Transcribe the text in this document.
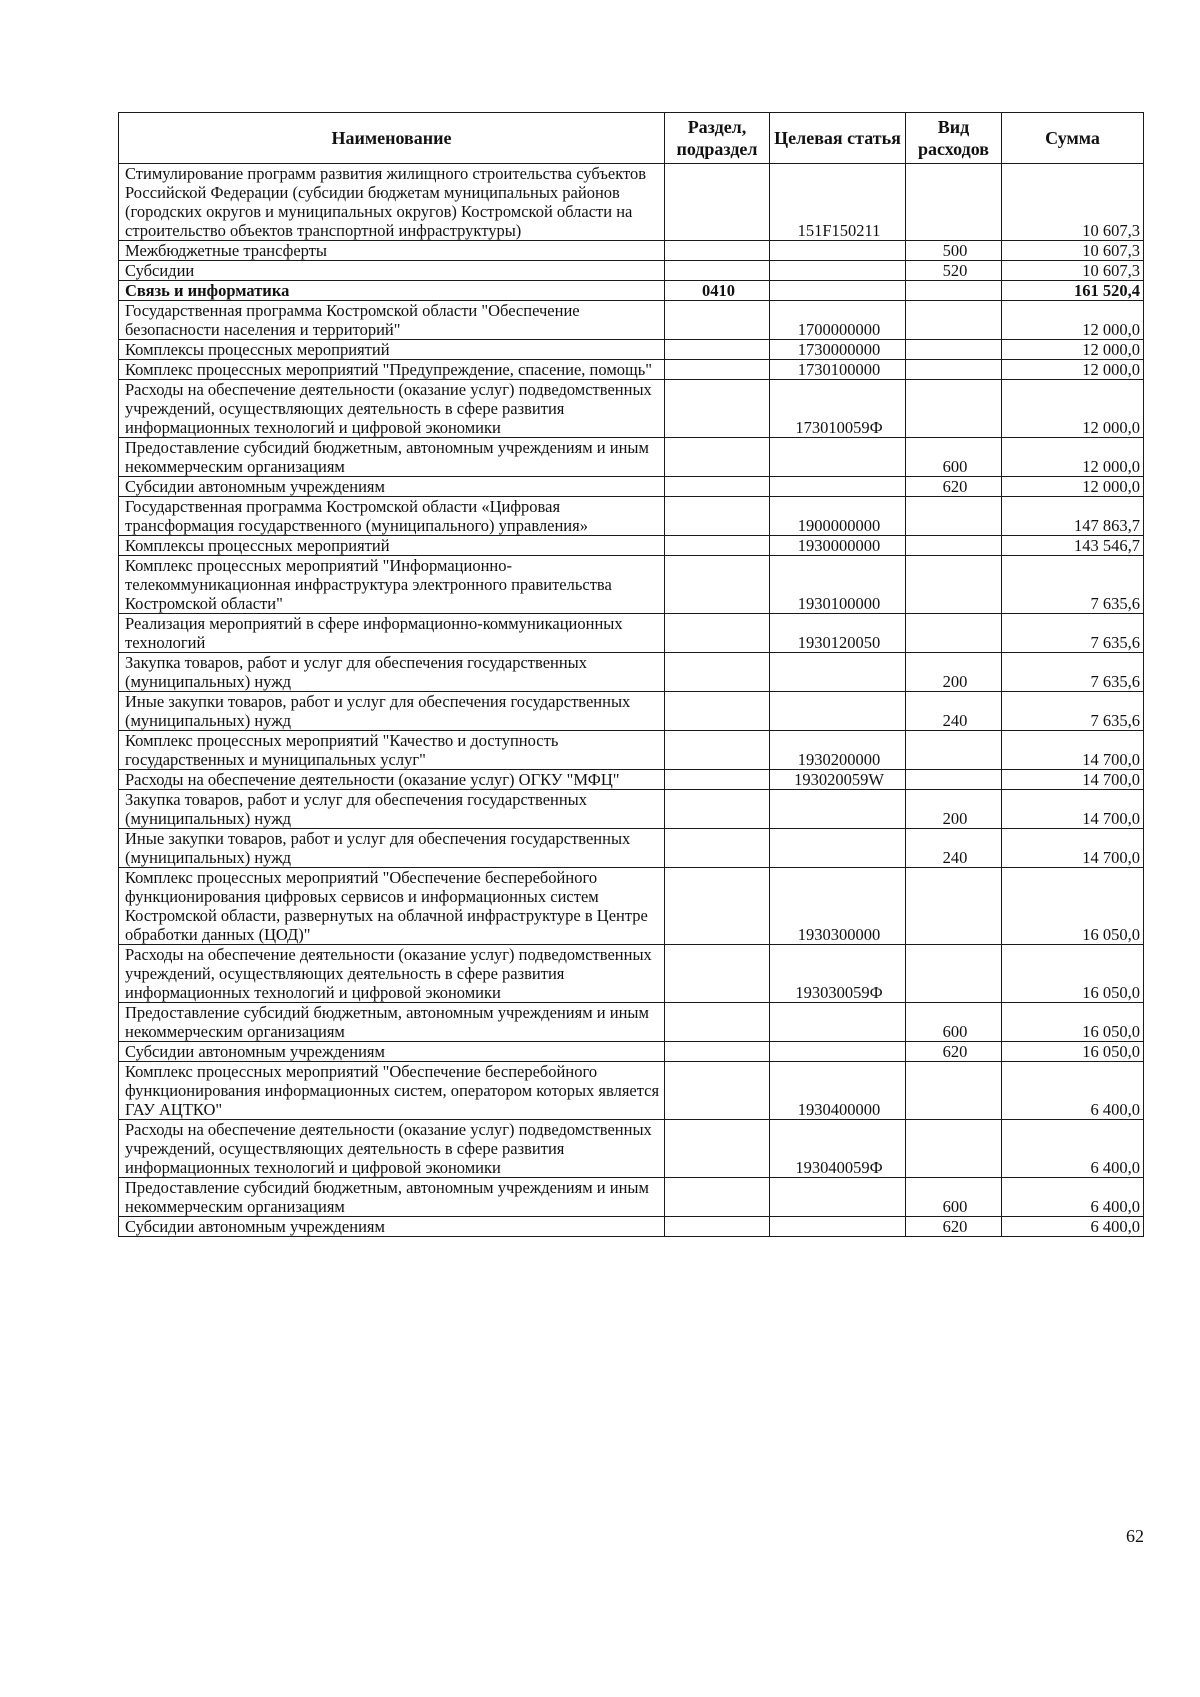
Наименование	Раздел, подраздел	Целевая статья	Вид расходов	Сумма
Стимулирование программ развития жилищного строительства субъектов Российской Федерации (субсидии бюджетам муниципальных районов (городских округов и муниципальных округов) Костромской области на строительство объектов транспортной инфраструктуры)		151F150211		10 607,3
Межбюджетные трансферты			500	10 607,3
Субсидии			520	10 607,3
Связь и информатика	0410			161 520,4
Государственная программа Костромской области "Обеспечение безопасности населения и территорий"		1700000000		12 000,0
Комплексы процессных мероприятий		1730000000		12 000,0
Комплекс процессных мероприятий "Предупреждение, спасение, помощь"		1730100000		12 000,0
Расходы на обеспечение деятельности (оказание услуг) подведомственных учреждений, осуществляющих деятельность в сфере развития информационных технологий и цифровой экономики		173010059Ф		12 000,0
Предоставление субсидий бюджетным, автономным учреждениям и иным некоммерческим организациям			600	12 000,0
Субсидии автономным учреждениям			620	12 000,0
Государственная программа Костромской области «Цифровая трансформация государственного (муниципального) управления»		1900000000		147 863,7
Комплексы процессных мероприятий		1930000000		143 546,7
Комплекс процессных мероприятий "Информационно-телекоммуникационная инфраструктура электронного правительства Костромской области"		1930100000		7 635,6
Реализация мероприятий в сфере информационно-коммуникационных технологий		1930120050		7 635,6
Закупка товаров, работ и услуг для обеспечения государственных (муниципальных) нужд			200	7 635,6
Иные закупки товаров, работ и услуг для обеспечения государственных (муниципальных) нужд			240	7 635,6
Комплекс процессных мероприятий "Качество и доступность государственных и муниципальных услуг"		1930200000		14 700,0
Расходы на обеспечение деятельности (оказание услуг) ОГКУ "МФЦ"		193020059W		14 700,0
Закупка товаров, работ и услуг для обеспечения государственных (муниципальных) нужд			200	14 700,0
Иные закупки товаров, работ и услуг для обеспечения государственных (муниципальных) нужд			240	14 700,0
Комплекс процессных мероприятий "Обеспечение бесперебойного функционирования цифровых сервисов и информационных систем Костромской области, развернутых на облачной инфраструктуре в Центре обработки данных (ЦОД)"		1930300000		16 050,0
Расходы на обеспечение деятельности (оказание услуг) подведомственных учреждений, осуществляющих деятельность в сфере развития информационных технологий и цифровой экономики		193030059Ф		16 050,0
Предоставление субсидий бюджетным, автономным учреждениям и иным некоммерческим организациям			600	16 050,0
Субсидии автономным учреждениям			620	16 050,0
Комплекс процессных мероприятий "Обеспечение бесперебойного функционирования информационных систем, оператором которых является ГАУ АЦТКО"		1930400000		6 400,0
Расходы на обеспечение деятельности (оказание услуг) подведомственных учреждений, осуществляющих деятельность в сфере развития информационных технологий и цифровой экономики		193040059Ф		6 400,0
Предоставление субсидий бюджетным, автономным учреждениям и иным некоммерческим организациям			600	6 400,0
Субсидии автономным учреждениям			620	6 400,0
62
